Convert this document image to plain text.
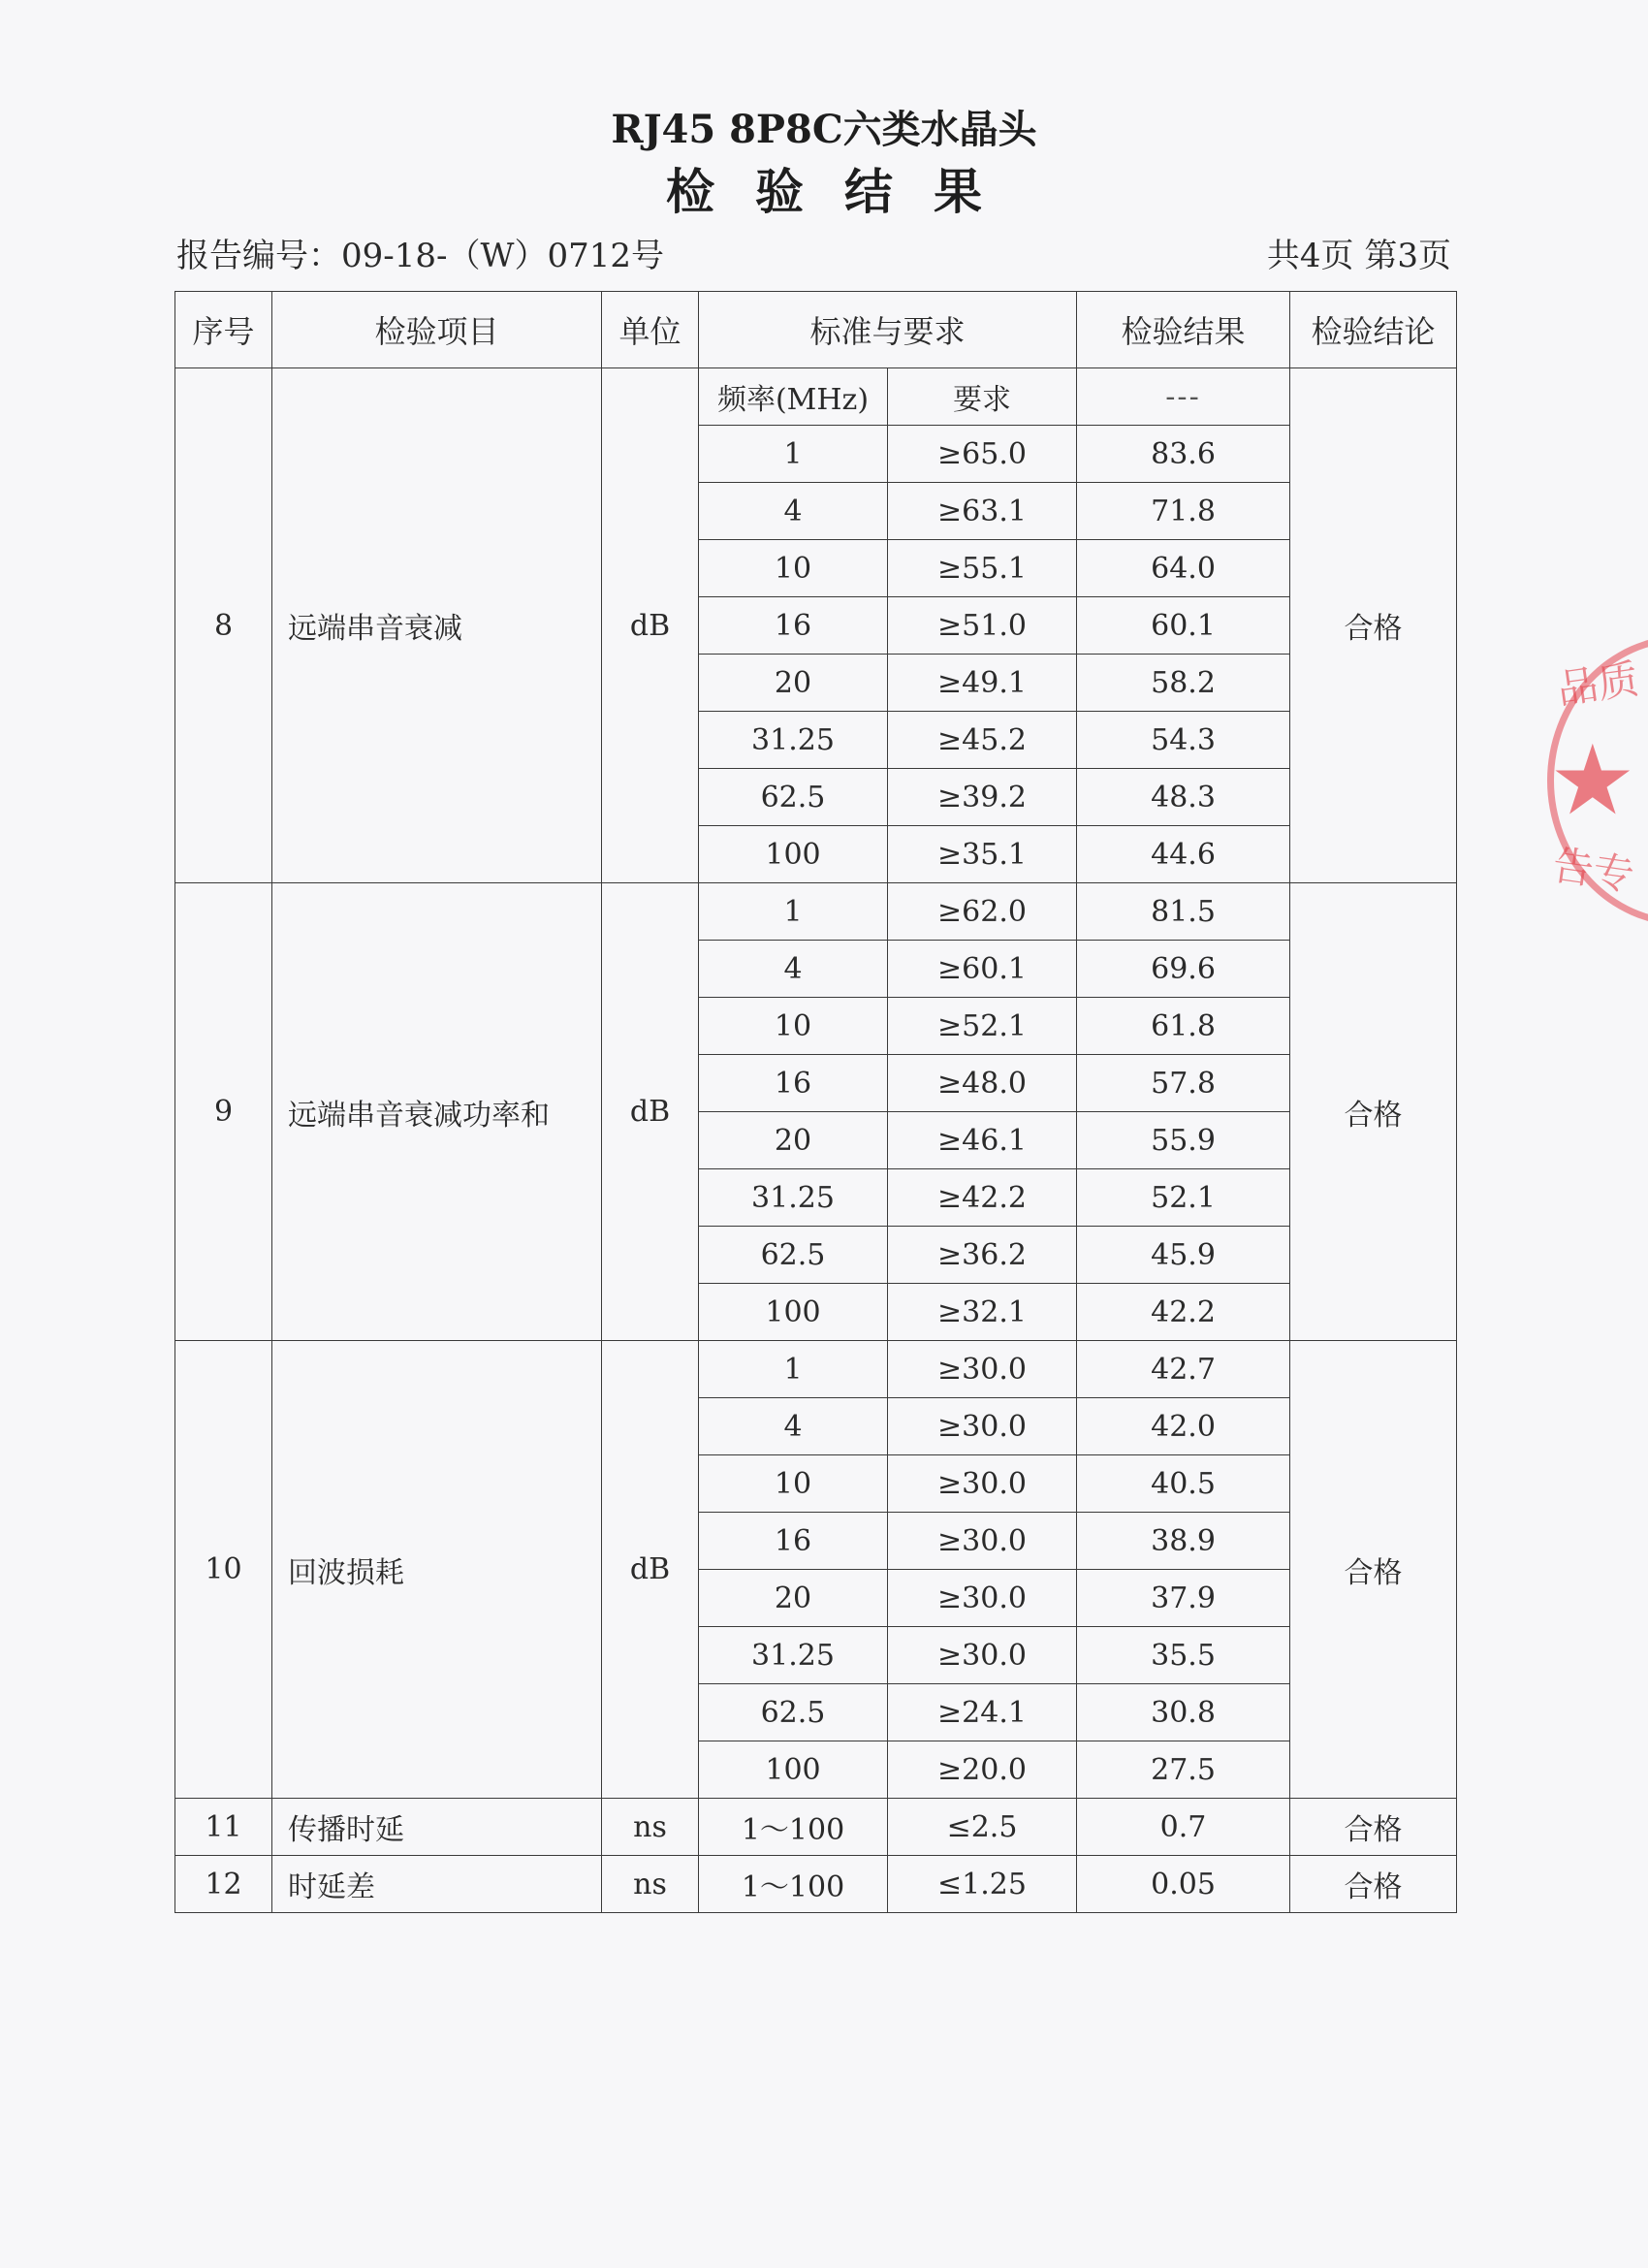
RJ45 8P8C六类水晶头
检验结果
报告编号：09-18-（W）0712号	共4页 第3页
序号	检验项目	单位	标准与要求		检验结果	检验结论
8	远端串音衰减	dB	频率(MHz)	要求	---	合格
			1	≥65.0	83.6	
			4	≥63.1	71.8	
			10	≥55.1	64.0	
			16	≥51.0	60.1	
			20	≥49.1	58.2	
			31.25	≥45.2	54.3	
			62.5	≥39.2	48.3	
			100	≥35.1	44.6	
9	远端串音衰减功率和	dB	1	≥62.0	81.5	合格
			4	≥60.1	69.6	
			10	≥52.1	61.8	
			16	≥48.0	57.8	
			20	≥46.1	55.9	
			31.25	≥42.2	52.1	
			62.5	≥36.2	45.9	
			100	≥32.1	42.2	
10	回波损耗	dB	1	≥30.0	42.7	合格
			4	≥30.0	42.0	
			10	≥30.0	40.5	
			16	≥30.0	38.9	
			20	≥30.0	37.9	
			31.25	≥30.0	35.5	
			62.5	≥24.1	30.8	
			100	≥20.0	27.5	
11	传播时延	ns	1～100	≤2.5	0.7	合格
12	时延差	ns	1～100	≤1.25	0.05	合格
品质
★
告专
